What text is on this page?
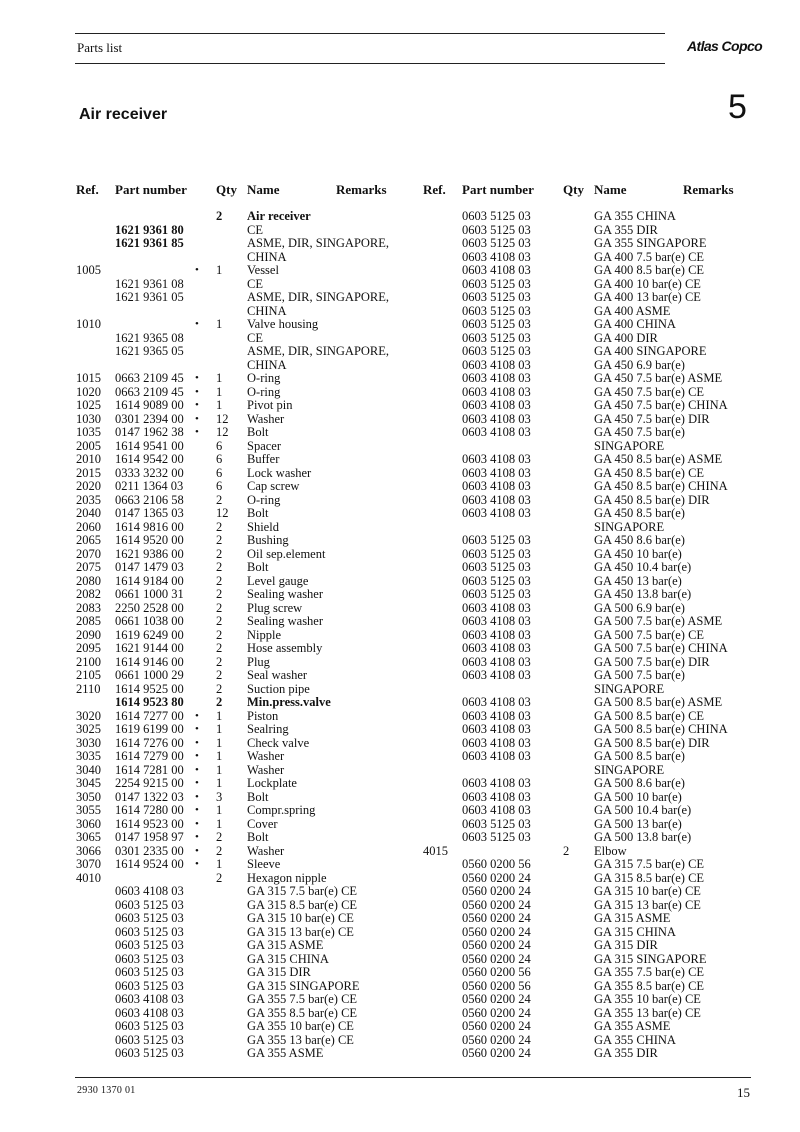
Parts list	Atlas Copco
Air receiver	5
Ref. Part number Qty Name	Remarks
2 Air receiver
1621 9361 80	CE
1621 9361 85	ASME, DIR, SINGAPORE,
CHINA
1005	• 1 Vessel
1621 9361 08	CE
1621 9361 05	ASME, DIR, SINGAPORE,
CHINA
1010	• 1 Valve housing
1621 9365 08	CE
1621 9365 05	ASME, DIR, SINGAPORE,
CHINA
1015 0663 2109 45 • 1 O-ring
1020 0663 2109 45 • 1 O-ring
1025 1614 9089 00 • 1 Pivot pin
1030 0301 2394 00 • 12 Washer
1035 0147 1962 38 • 12 Bolt
2005 1614 9541 00	6 Spacer
2010 1614 9542 00	6 Buffer
2015 0333 3232 00	6 Lock washer
2020 0211 1364 03	6 Cap screw
2035 0663 2106 58	2 O-ring
2040 0147 1365 03	12 Bolt
2060 1614 9816 00	2 Shield
2065 1614 9520 00	2 Bushing
2070 1621 9386 00	2 Oil sep.element
2075 0147 1479 03	2 Bolt
2080 1614 9184 00	2 Level gauge
2082 0661 1000 31	2 Sealing washer
2083 2250 2528 00	2 Plug screw
2085 0661 1038 00	2 Sealing washer
2090 1619 6249 00	2 Nipple
2095 1621 9144 00	2 Hose assembly
2100 1614 9146 00	2 Plug
2105 0661 1000 29	2 Seal washer
2110 1614 9525 00	2 Suction pipe
1614 9523 80	2 Min.press.valve
3020 1614 7277 00 • 1 Piston
3025 1619 6199 00 • 1 Sealring
3030 1614 7276 00 • 1 Check valve
3035 1614 7279 00 • 1 Washer
3040 1614 7281 00 • 1 Washer
3045 2254 9215 00 • 1 Lockplate
3050 0147 1322 03 • 3 Bolt
3055 1614 7280 00 • 1 Compr.spring
3060 1614 9523 00 • 1 Cover
3065 0147 1958 97 • 2 Bolt
3066 0301 2335 00 • 2 Washer
3070 1614 9524 00 • 1 Sleeve
4010	2 Hexagon nipple
0603 4108 03	GA 315 7.5 bar(e) CE
0603 5125 03	GA 315 8.5 bar(e) CE
0603 5125 03	GA 315 10 bar(e) CE
0603 5125 03	GA 315 13 bar(e) CE
0603 5125 03	GA 315 ASME
0603 5125 03	GA 315 CHINA
0603 5125 03	GA 315 DIR
0603 5125 03	GA 315 SINGAPORE
0603 4108 03	GA 355 7.5 bar(e) CE
0603 4108 03	GA 355 8.5 bar(e) CE
0603 5125 03	GA 355 10 bar(e) CE
0603 5125 03	GA 355 13 bar(e) CE
0603 5125 03	GA 355 ASME
Ref. Part number Qty Name	Remarks
0603 5125 03	GA 355 CHINA
0603 5125 03	GA 355 DIR
0603 5125 03	GA 355 SINGAPORE
0603 4108 03	GA 400 7.5 bar(e) CE
0603 4108 03	GA 400 8.5 bar(e) CE
0603 5125 03	GA 400 10 bar(e) CE
0603 5125 03	GA 400 13 bar(e) CE
0603 5125 03	GA 400 ASME
0603 5125 03	GA 400 CHINA
0603 5125 03	GA 400 DIR
0603 5125 03	GA 400 SINGAPORE
0603 4108 03	GA 450 6.9 bar(e)
0603 4108 03	GA 450 7.5 bar(e) ASME
0603 4108 03	GA 450 7.5 bar(e) CE
0603 4108 03	GA 450 7.5 bar(e) CHINA
0603 4108 03	GA 450 7.5 bar(e) DIR
0603 4108 03	GA 450 7.5 bar(e)
SINGAPORE
0603 4108 03	GA 450 8.5 bar(e) ASME
0603 4108 03	GA 450 8.5 bar(e) CE
0603 4108 03	GA 450 8.5 bar(e) CHINA
0603 4108 03	GA 450 8.5 bar(e) DIR
0603 4108 03	GA 450 8.5 bar(e)
SINGAPORE
0603 5125 03	GA 450 8.6 bar(e)
0603 5125 03	GA 450 10 bar(e)
0603 5125 03	GA 450 10.4 bar(e)
0603 5125 03	GA 450 13 bar(e)
0603 5125 03	GA 450 13.8 bar(e)
0603 4108 03	GA 500 6.9 bar(e)
0603 4108 03	GA 500 7.5 bar(e) ASME
0603 4108 03	GA 500 7.5 bar(e) CE
0603 4108 03	GA 500 7.5 bar(e) CHINA
0603 4108 03	GA 500 7.5 bar(e) DIR
0603 4108 03	GA 500 7.5 bar(e)
SINGAPORE
0603 4108 03	GA 500 8.5 bar(e) ASME
0603 4108 03	GA 500 8.5 bar(e) CE
0603 4108 03	GA 500 8.5 bar(e) CHINA
0603 4108 03	GA 500 8.5 bar(e) DIR
0603 4108 03	GA 500 8.5 bar(e)
SINGAPORE
0603 4108 03	GA 500 8.6 bar(e)
0603 4108 03	GA 500 10 bar(e)
0603 4108 03	GA 500 10.4 bar(e)
0603 5125 03	GA 500 13 bar(e)
0603 5125 03	GA 500 13.8 bar(e)
4015	2 Elbow
0560 0200 56	GA 315 7.5 bar(e) CE
0560 0200 24	GA 315 8.5 bar(e) CE
0560 0200 24	GA 315 10 bar(e) CE
0560 0200 24	GA 315 13 bar(e) CE
0560 0200 24	GA 315 ASME
0560 0200 24	GA 315 CHINA
0560 0200 24	GA 315 DIR
0560 0200 24	GA 315 SINGAPORE
0560 0200 56	GA 355 7.5 bar(e) CE
0560 0200 56	GA 355 8.5 bar(e) CE
0560 0200 24	GA 355 10 bar(e) CE
0560 0200 24	GA 355 13 bar(e) CE
0560 0200 24	GA 355 ASME
0560 0200 24	GA 355 CHINA
0560 0200 24	GA 355 DIR
2930 1370 01	15
